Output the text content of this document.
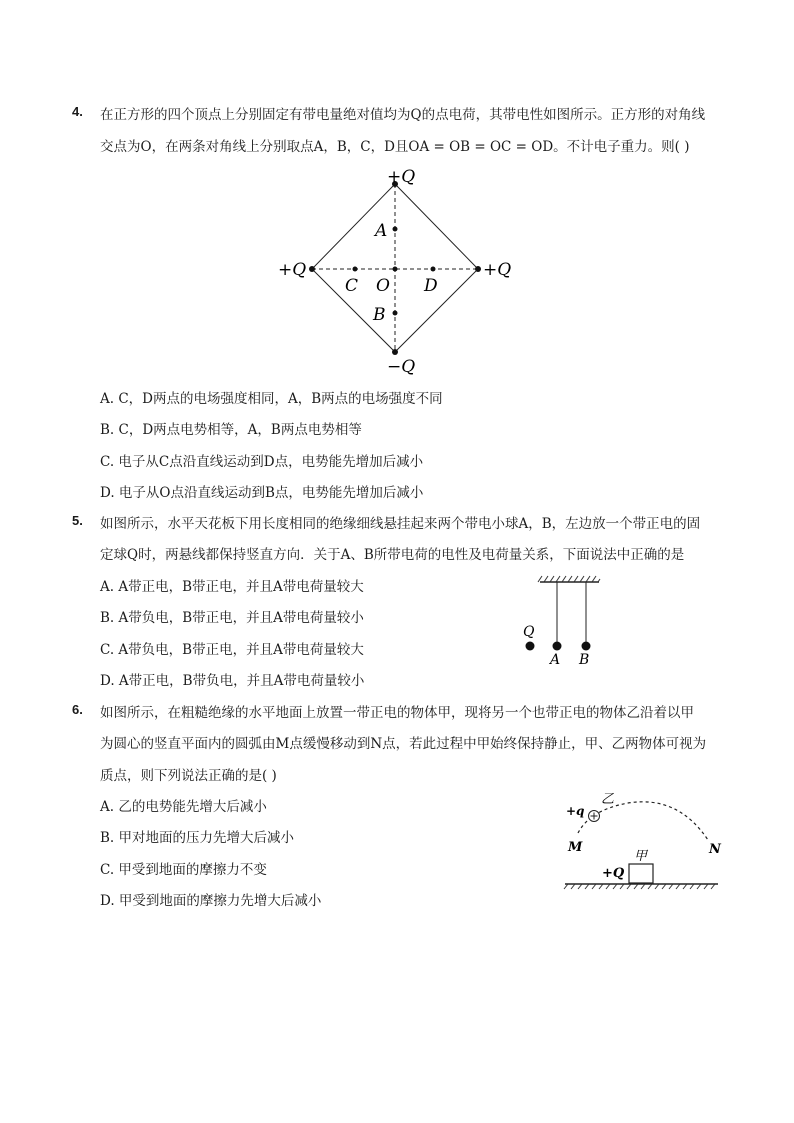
4. 在正方形的四个顶点上分别固定有带电量绝对值均为Q的点电荷，其带电性如图所示。正方形的对角线
交点为O，在两条对角线上分别取点A，B，C，D且OA = OB = OC = OD。不计电子重力。则( )
+Q
+Q	+Q
−Q
A
B
C O D
A. C，D两点的电场强度相同，A，B两点的电场强度不同
B. C，D两点电势相等，A，B两点电势相等
C. 电子从C点沿直线运动到D点，电势能先增加后减小
D. 电子从O点沿直线运动到B点，电势能先增加后减小
5. 如图所示，水平天花板下用长度相同的绝缘细线悬挂起来两个带电小球A，B，左边放一个带正电的固
定球Q时，两悬线都保持竖直方向．关于A、B所带电荷的电性及电荷量关系，下面说法中正确的是
A. A带正电，B带正电，并且A带电荷量较大
B. A带负电，B带正电，并且A带电荷量较小
C. A带负电，B带正电，并且A带电荷量较大
D. A带正电，B带负电，并且A带电荷量较小
Q
A B
6. 如图所示，在粗糙绝缘的水平地面上放置一带正电的物体甲，现将另一个也带正电的物体乙沿着以甲
为圆心的竖直平面内的圆弧由M点缓慢移动到N点，若此过程中甲始终保持静止，甲、乙两物体可视为
质点，则下列说法正确的是( )
A. 乙的电势能先增大后减小
B. 甲对地面的压力先增大后减小
C. 甲受到地面的摩擦力不变
D. 甲受到地面的摩擦力先增大后减小
+q
乙
M	N
甲
+Q
